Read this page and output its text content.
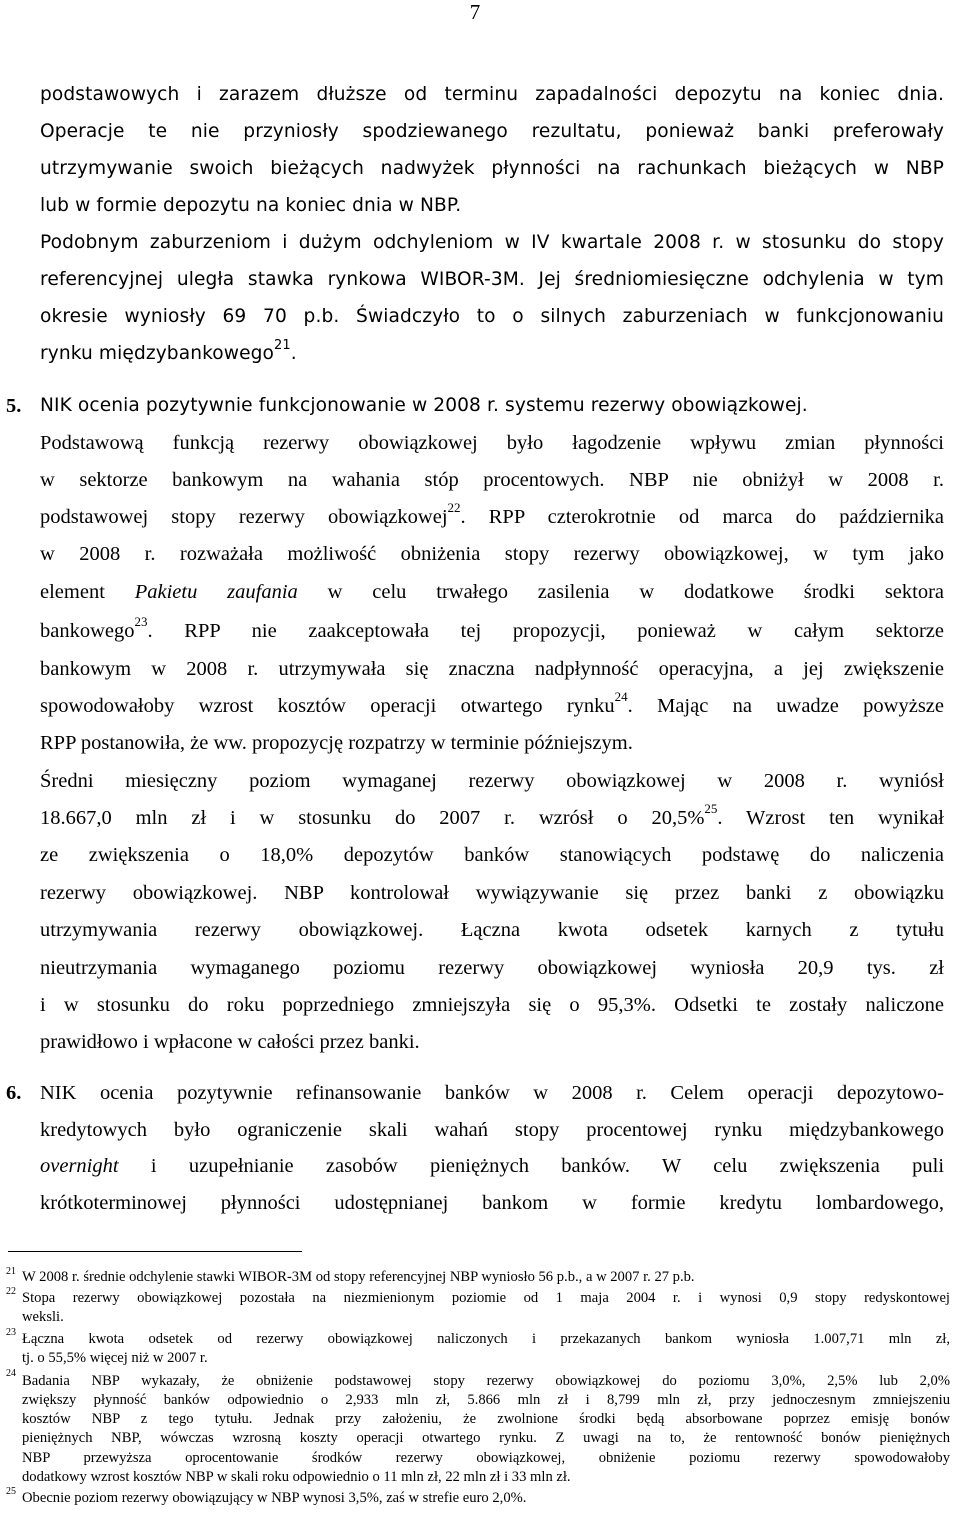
7
podstawowych i zarazem dłuższe od terminu zapadalności depozytu na koniec dnia.
Operacje te nie przyniosły spodziewanego rezultatu, ponieważ banki preferowały
utrzymywanie swoich bieżących nadwyżek płynności na rachunkach bieżących w NBP
lub w formie depozytu na koniec dnia w NBP.
Podobnym zaburzeniom i dużym odchyleniom w IV kwartale 2008 r. w stosunku do stopy
referencyjnej uległa stawka rynkowa WIBOR-3M. Jej średniomiesięczne odchylenia w tym
okresie wyniosły 69 70 p.b. Świadczyło to o silnych zaburzeniach w funkcjonowaniu
rynku międzybankowego$^{21}$.
5. NIK ocenia pozytywnie funkcjonowanie w 2008 r. systemu rezerwy obowiązkowej.
Podstawową funkcją rezerwy obowiązkowej było łagodzenie wpływu zmian płynności
w sektorze bankowym na wahania stóp procentowych. NBP nie obniżył w 2008 r.
podstawowej stopy rezerwy obowiązkowej$^{22}$. RPP czterokrotnie od marca do października
w 2008 r. rozważała możliwość obniżenia stopy rezerwy obowiązkowej, w tym jako
element Pakietu zaufania w celu trwałego zasilenia w dodatkowe środki sektora
bankowego$^{23}$. RPP nie zaakceptowała tej propozycji, ponieważ w całym sektorze
bankowym w 2008 r. utrzymywała się znaczna nadpłynność operacyjna, a jej zwiększenie
spowodowałoby wzrost kosztów operacji otwartego rynku$^{24}$. Mając na uwadze powyższe
RPP postanowiła, że ww. propozycję rozpatrzy w terminie późniejszym.
Średni miesięczny poziom wymaganej rezerwy obowiązkowej w 2008 r. wyniósł
18.667,0 mln zł i w stosunku do 2007 r. wzrósł o 20,5%$^{25}$. Wzrost ten wynikał
ze zwiększenia o 18,0% depozytów banków stanowiących podstawę do naliczenia
rezerwy obowiązkowej. NBP kontrolował wywiązywanie się przez banki z obowiązku
utrzymywania rezerwy obowiązkowej. Łączna kwota odsetek karnych z tytułu
nieutrzymania wymaganego poziomu rezerwy obowiązkowej wyniosła 20,9 tys. zł
i w stosunku do roku poprzedniego zmniejszyła się o 95,3%. Odsetki te zostały naliczone
prawidłowo i wpłacone w całości przez banki.
6. NIK ocenia pozytywnie refinansowanie banków w 2008 r. Celem operacji depozytowo-
kredytowych było ograniczenie skali wahań stopy procentowej rynku międzybankowego
overnight i uzupełnianie zasobów pieniężnych banków. W celu zwiększenia puli
krótkoterminowej płynności udostępnianej bankom w formie kredytu lombardowego,
21 W 2008 r. średnie odchylenie stawki WIBOR-3M od stopy referencyjnej NBP wyniosło 56 p.b., a w 2007 r. 27 p.b.
22 Stopa rezerwy obowiązkowej pozostała na niezmienionym poziomie od 1 maja 2004 r. i wynosi 0,9 stopy redyskontowej
weksli.
23 Łączna kwota odsetek od rezerwy obowiązkowej naliczonych i przekazanych bankom wyniosła 1.007,71 mln zł,
tj. o 55,5% więcej niż w 2007 r.
24 Badania NBP wykazały, że obniżenie podstawowej stopy rezerwy obowiązkowej do poziomu 3,0%, 2,5% lub 2,0%
zwiększy płynność banków odpowiednio o 2,933 mln zł, 5.866 mln zł i 8,799 mln zł, przy jednoczesnym zmniejszeniu
kosztów NBP z tego tytułu. Jednak przy założeniu, że zwolnione środki będą absorbowane poprzez emisję bonów
pieniężnych NBP, wówczas wzrosną koszty operacji otwartego rynku. Z uwagi na to, że rentowność bonów pieniężnych
NBP przewyższa oprocentowanie środków rezerwy obowiązkowej, obniżenie poziomu rezerwy spowodowałoby
dodatkowy wzrost kosztów NBP w skali roku odpowiednio o 11 mln zł, 22 mln zł i 33 mln zł.
25 Obecnie poziom rezerwy obowiązujący w NBP wynosi 3,5%, zaś w strefie euro 2,0%.
